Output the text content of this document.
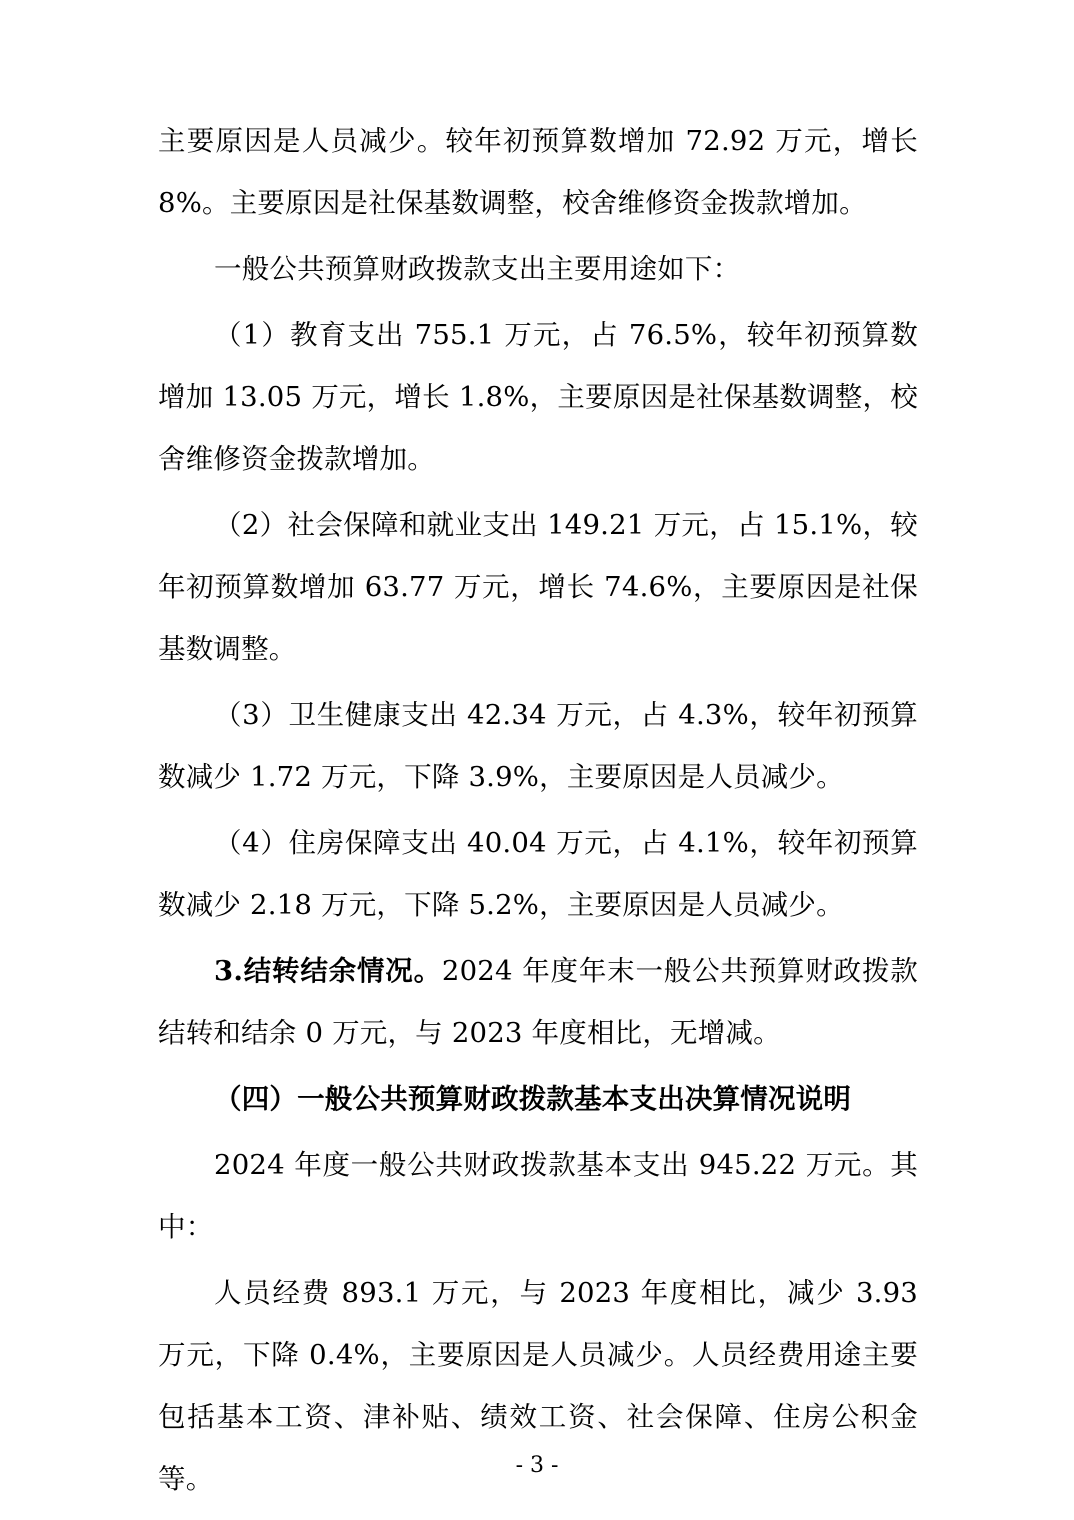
主要原因是人员减少。较年初预算数增加 72.92 万元，增长 8%。主要原因是社保基数调整，校舍维修资金拨款增加。

一般公共预算财政拨款支出主要用途如下：

（1）教育支出 755.1 万元，占 76.5%，较年初预算数增加 13.05 万元，增长 1.8%，主要原因是社保基数调整，校舍维修资金拨款增加。

（2）社会保障和就业支出 149.21 万元，占 15.1%，较年初预算数增加 63.77 万元，增长 74.6%，主要原因是社保基数调整。

（3）卫生健康支出 42.34 万元，占 4.3%，较年初预算数减少 1.72 万元，下降 3.9%，主要原因是人员减少。

（4）住房保障支出 40.04 万元，占 4.1%，较年初预算数减少 2.18 万元，下降 5.2%，主要原因是人员减少。

3.结转结余情况。2024 年度年末一般公共预算财政拨款结转和结余 0 万元，与 2023 年度相比，无增减。

（四）一般公共预算财政拨款基本支出决算情况说明

2024 年度一般公共财政拨款基本支出 945.22 万元。其中：

人员经费 893.1 万元，与 2023 年度相比，减少 3.93 万元，下降 0.4%，主要原因是人员减少。人员经费用途主要包括基本工资、津补贴、绩效工资、社会保障、住房公积金等。	- 3 -
